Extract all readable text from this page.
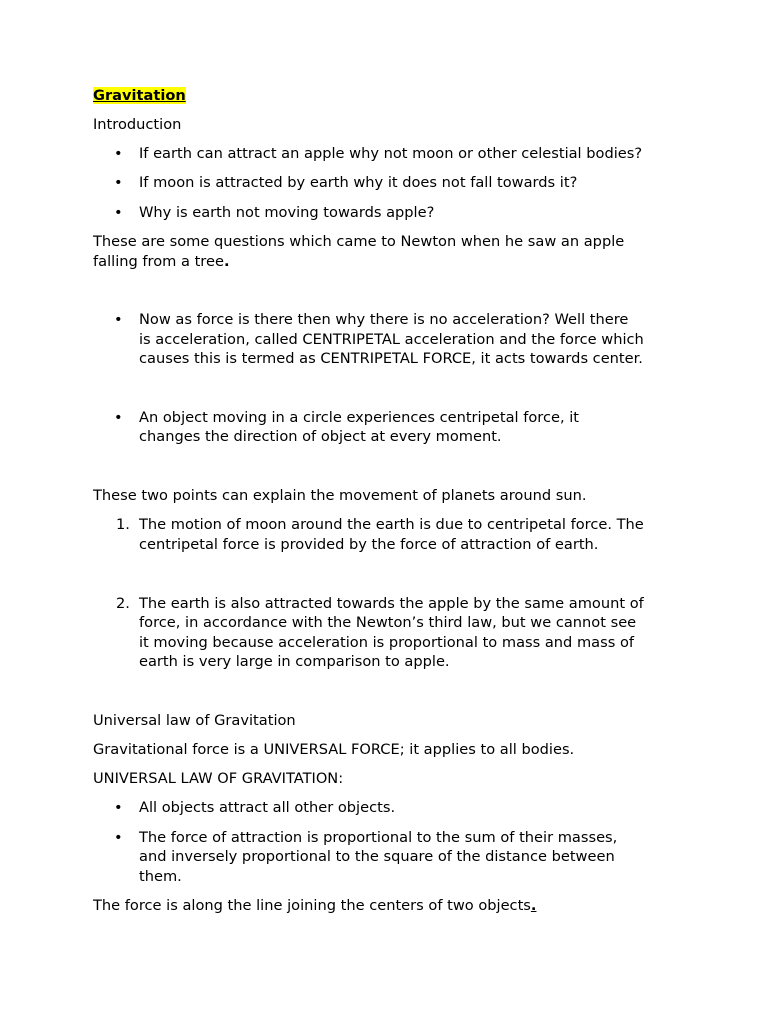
Gravitation
Introduction
• If earth can attract an apple why not moon or other celestial bodies?
• If moon is attracted by earth why it does not fall towards it?
• Why is earth not moving towards apple?
These are some questions which came to Newton when he saw an apple
falling from a tree.
• Now as force is there then why there is no acceleration? Well there
is acceleration, called CENTRIPETAL acceleration and the force which
causes this is termed as CENTRIPETAL FORCE, it acts towards center.
• An object moving in a circle experiences centripetal force, it
changes the direction of object at every moment.
These two points can explain the movement of planets around sun.
1. The motion of moon around the earth is due to centripetal force. The
centripetal force is provided by the force of attraction of earth.
2. The earth is also attracted towards the apple by the same amount of
force, in accordance with the Newton’s third law, but we cannot see
it moving because acceleration is proportional to mass and mass of
earth is very large in comparison to apple.
Universal law of Gravitation
Gravitational force is a UNIVERSAL FORCE; it applies to all bodies.
UNIVERSAL LAW OF GRAVITATION:
• All objects attract all other objects.
• The force of attraction is proportional to the sum of their masses,
and inversely proportional to the square of the distance between
them.
The force is along the line joining the centers of two objects.
